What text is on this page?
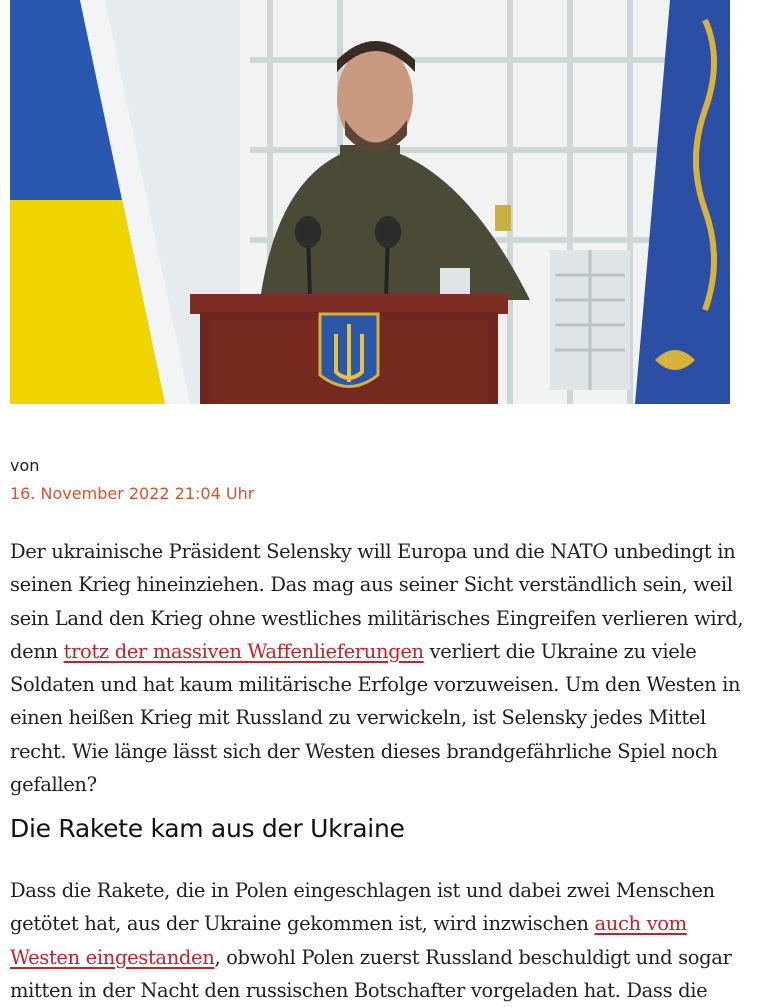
von
16. November 2022 21:04 Uhr

Der ukrainische Präsident Selensky will Europa und die NATO unbedingt in seinen Krieg hineinziehen. Das mag aus seiner Sicht verständlich sein, weil sein Land den Krieg ohne westliches militärisches Eingreifen verlieren wird, denn trotz der massiven Waffenlieferungen verliert die Ukraine zu viele Soldaten und hat kaum militärische Erfolge vorzuweisen. Um den Westen in einen heißen Krieg mit Russland zu verwickeln, ist Selensky jedes Mittel recht. Wie länge lässt sich der Westen dieses brandgefährliche Spiel noch gefallen?

Die Rakete kam aus der Ukraine

Dass die Rakete, die in Polen eingeschlagen ist und dabei zwei Menschen getötet hat, aus der Ukraine gekommen ist, wird inzwischen auch vom Westen eingestanden, obwohl Polen zuerst Russland beschuldigt und sogar mitten in der Nacht den russischen Botschafter vorgeladen hat. Dass die
